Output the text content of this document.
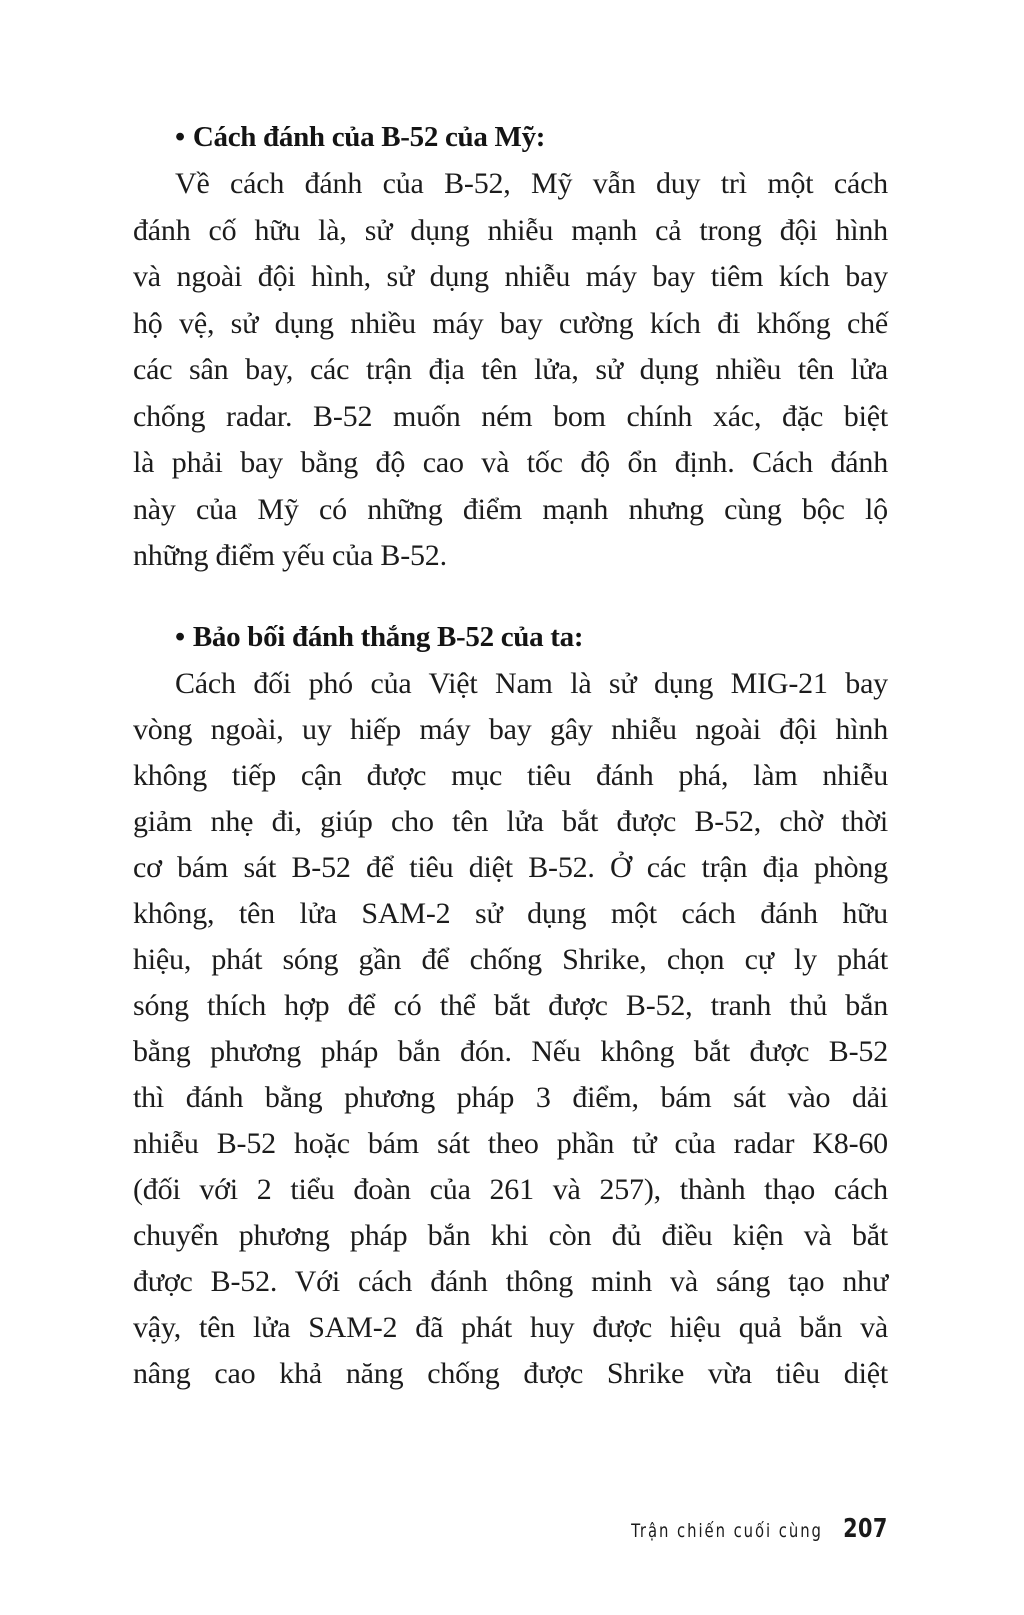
• Cách đánh của B-52 của Mỹ:
Về cách đánh của B-52, Mỹ vẫn duy trì một cách
đánh cố hữu là, sử dụng nhiễu mạnh cả trong đội hình
và ngoài đội hình, sử dụng nhiễu máy bay tiêm kích bay
hộ vệ, sử dụng nhiều máy bay cường kích đi khống chế
các sân bay, các trận địa tên lửa, sử dụng nhiều tên lửa
chống radar. B-52 muốn ném bom chính xác, đặc biệt
là phải bay bằng độ cao và tốc độ ổn định. Cách đánh
này của Mỹ có những điểm mạnh nhưng cùng bộc lộ
những điểm yếu của B-52.
• Bảo bối đánh thắng B-52 của ta:
Cách đối phó của Việt Nam là sử dụng MIG-21 bay
vòng ngoài, uy hiếp máy bay gây nhiễu ngoài đội hình
không tiếp cận được mục tiêu đánh phá, làm nhiễu
giảm nhẹ đi, giúp cho tên lửa bắt được B-52, chờ thời
cơ bám sát B-52 để tiêu diệt B-52. Ở các trận địa phòng
không, tên lửa SAM-2 sử dụng một cách đánh hữu
hiệu, phát sóng gần để chống Shrike, chọn cự ly phát
sóng thích hợp để có thể bắt được B-52, tranh thủ bắn
bằng phương pháp bắn đón. Nếu không bắt được B-52
thì đánh bằng phương pháp 3 điểm, bám sát vào dải
nhiễu B-52 hoặc bám sát theo phần tử của radar K8-60
(đối với 2 tiểu đoàn của 261 và 257), thành thạo cách
chuyển phương pháp bắn khi còn đủ điều kiện và bắt
được B-52. Với cách đánh thông minh và sáng tạo như
vậy, tên lửa SAM-2 đã phát huy được hiệu quả bắn và
nâng cao khả năng chống được Shrike vừa tiêu diệt
Trận chiến cuối cùng 207
